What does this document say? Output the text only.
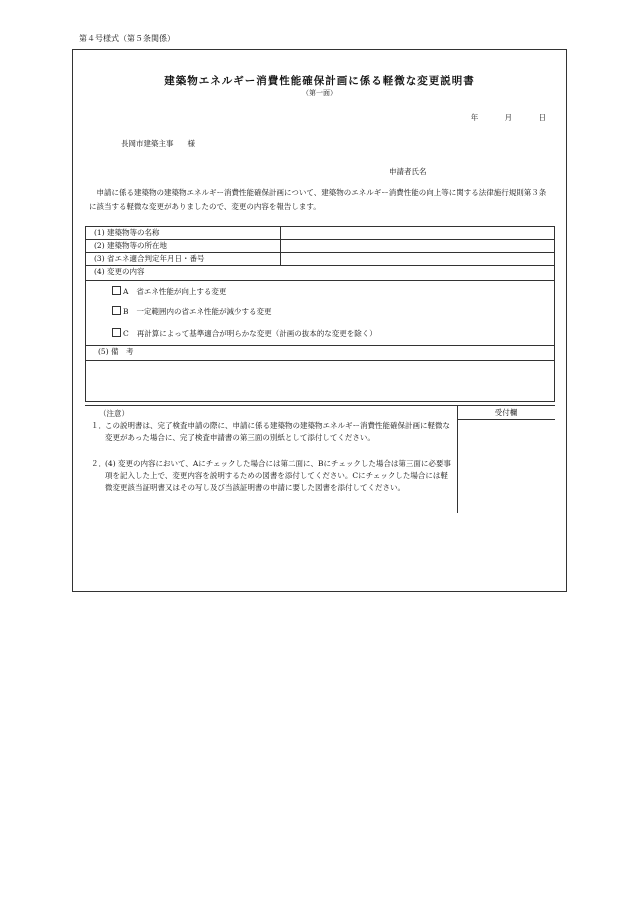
第４号様式（第５条関係）
建築物エネルギー消費性能確保計画に係る軽微な変更説明書
（第一面）
年	月	日
長岡市建築主事 様
申請者氏名
申請に係る建築物の建築物エネルギー消費性能確保計画について、建築物のエネルギー消費性能の向上等に関する法律施行規則第３条に該当する軽微な変更がありましたので、変更の内容を報告します。
(1) 建築物等の名称
(2) 建築物等の所在地
(3) 省エネ適合判定年月日・番号
(4) 変更の内容
A 省エネ性能が向上する変更
B 一定範囲内の省エネ性能が減少する変更
C 再計算によって基準適合が明らかな変更（計画の抜本的な変更を除く）
(5) 備　考
（注意）
１． この説明書は、完了検査申請の際に、申請に係る建築物の建築物エネルギー消費性能確保計画に軽微な変更があった場合に、完了検査申請書の第三面の別紙として添付してください。
２． (4) 変更の内容において、Aにチェックした場合には第二面に、Bにチェックした場合は第三面に必要事項を記入した上で、変更内容を説明するための図書を添付してください。Cにチェックした場合には軽微変更該当証明書又はその写し及び当該証明書の申請に要した図書を添付してください。
受付欄
